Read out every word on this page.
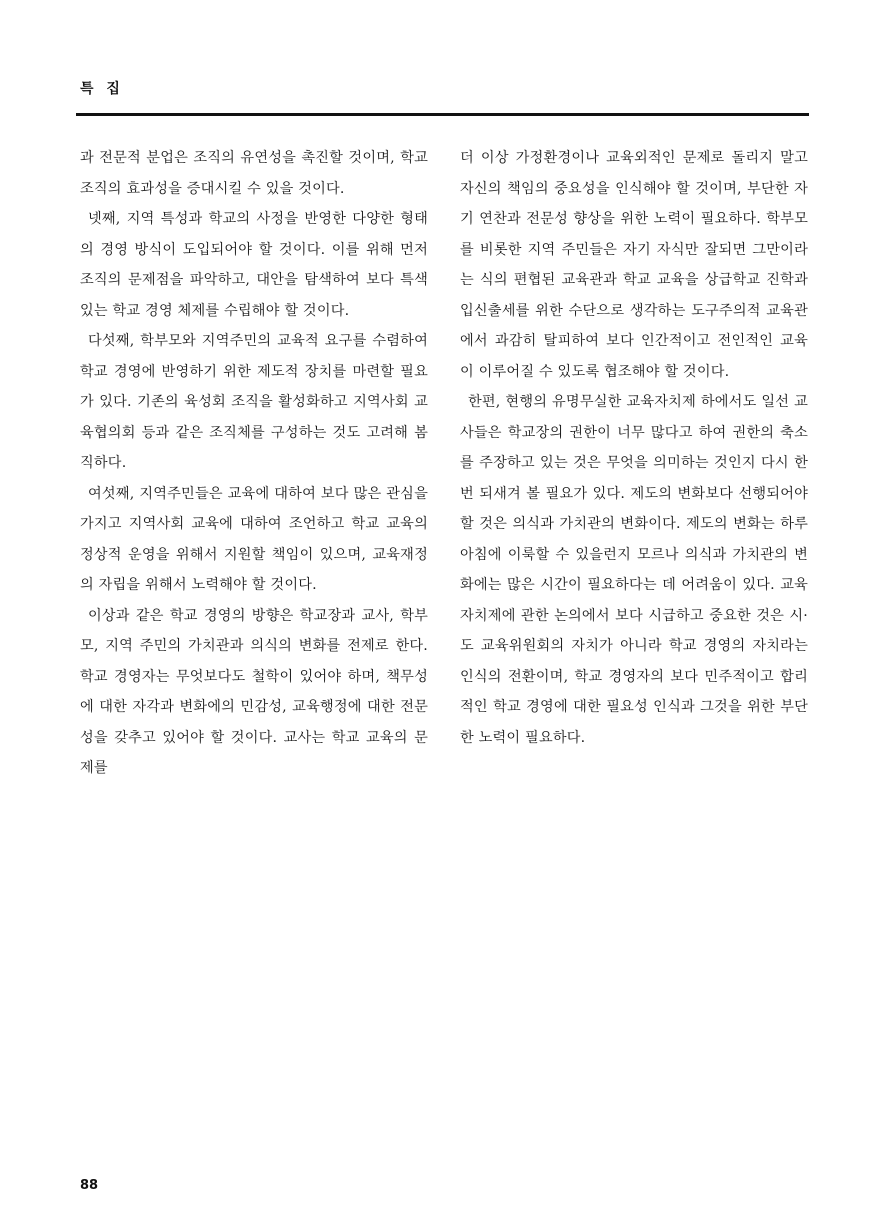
특 집

과 전문적 분업은 조직의 유연성을 촉진할 것이며, 학교 조직의 효과성을 증대시킬 수 있을 것이다.

넷째, 지역 특성과 학교의 사정을 반영한 다양한 형태의 경영 방식이 도입되어야 할 것이다. 이를 위해 먼저 조직의 문제점을 파악하고, 대안을 탐색하여 보다 특색있는 학교 경영 체제를 수립해야 할 것이다.

다섯째, 학부모와 지역주민의 교육적 요구를 수렴하여 학교 경영에 반영하기 위한 제도적 장치를 마련할 필요가 있다. 기존의 육성회 조직을 활성화하고 지역사회 교육협의회 등과 같은 조직체를 구성하는 것도 고려해 봄 직하다.

여섯째, 지역주민들은 교육에 대하여 보다 많은 관심을 가지고 지역사회 교육에 대하여 조언하고 학교 교육의 정상적 운영을 위해서 지원할 책임이 있으며, 교육재정의 자립을 위해서 노력해야 할 것이다.

이상과 같은 학교 경영의 방향은 학교장과 교사, 학부모, 지역 주민의 가치관과 의식의 변화를 전제로 한다. 학교 경영자는 무엇보다도 철학이 있어야 하며, 책무성에 대한 자각과 변화에의 민감성, 교육행정에 대한 전문성을 갖추고 있어야 할 것이다. 교사는 학교 교육의 문제를

더 이상 가정환경이나 교육외적인 문제로 돌리지 말고 자신의 책임의 중요성을 인식해야 할 것이며, 부단한 자기 연찬과 전문성 향상을 위한 노력이 필요하다. 학부모를 비롯한 지역 주민들은 자기 자식만 잘되면 그만이라는 식의 편협된 교육관과 학교 교육을 상급학교 진학과 입신출세를 위한 수단으로 생각하는 도구주의적 교육관에서 과감히 탈피하여 보다 인간적이고 전인적인 교육이 이루어질 수 있도록 협조해야 할 것이다.

한편, 현행의 유명무실한 교육자치제 하에서도 일선 교사들은 학교장의 권한이 너무 많다고 하여 권한의 축소를 주장하고 있는 것은 무엇을 의미하는 것인지 다시 한번 되새겨 볼 필요가 있다. 제도의 변화보다 선행되어야 할 것은 의식과 가치관의 변화이다. 제도의 변화는 하루아침에 이룩할 수 있을런지 모르나 의식과 가치관의 변화에는 많은 시간이 필요하다는 데 어려움이 있다. 교육자치제에 관한 논의에서 보다 시급하고 중요한 것은 시·도 교육위원회의 자치가 아니라 학교 경영의 자치라는 인식의 전환이며, 학교 경영자의 보다 민주적이고 합리적인 학교 경영에 대한 필요성 인식과 그것을 위한 부단한 노력이 필요하다.

88
